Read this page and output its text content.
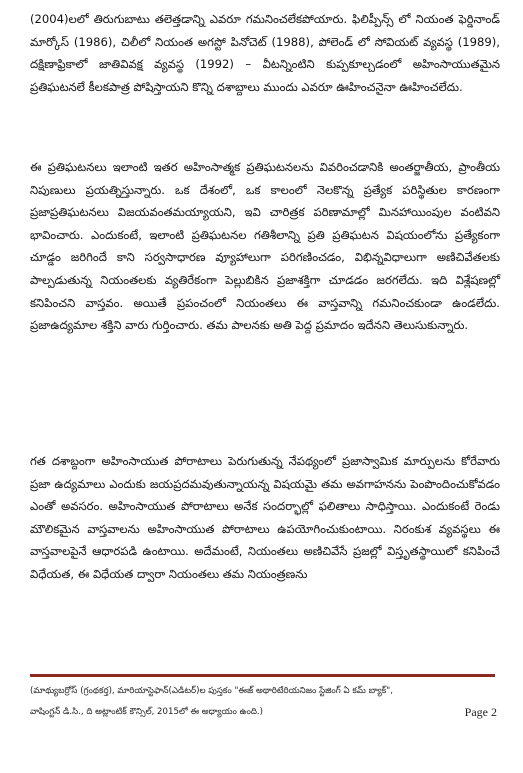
(2004)లలో తిరుగుబాటు తలెత్తడాన్ని ఎవరూ గమనించలేకపోయారు. ఫిలిప్పీన్స్ లో నియంత ఫెర్డినాండ్ మార్కోస్ (1986), చిలీలో నియంత అగస్టో పినోచెట్ (1988), పోలెండ్ లో సోవియట్ వ్యవస్థ (1989), దక్షిణాఫ్రికాలో జాతివివక్ష వ్యవస్థ (1992) – వీటన్నింటిని కుప్పకూల్చడంలో అహింసాయుతమైన ప్రతిఘటనలే కీలకపాత్ర పోషిస్తాయని కొన్ని దశాబ్దాలు ముందు ఎవరూ ఊహించనైనా ఊహించలేదు.

ఈ ప్రతిఘటనలు ఇలాంటి ఇతర అహింసాత్మక ప్రతిఘటనలను వివరించడానికి అంతర్జాతీయ, ప్రాంతీయ నిపుణులు ప్రయత్నిస్తున్నారు. ఒక దేశంలో, ఒక కాలంలో నెలకొన్న ప్రత్యేక పరిస్థితుల కారణంగా ప్రజాప్రతిఘటనలు విజయవంతమయ్యాయని, ఇవి చారిత్రక పరిణామాల్లో మినహాయింపుల వంటివని భావించారు. ఎందుకంటే, ఇలాంటి ప్రతిఘటనల గతిశీలాన్ని ప్రతి ప్రతిఘటన విషయంలోను ప్రత్యేకంగా చూడ్డం జరిగిందే కాని సర్వసాధారణ వ్యూహాలుగా పరిగణించడం, విభిన్నవిధాలుగా అణిచివేతలకు పాల్పడుతున్న నియంతలకు వ్యతిరేకంగా పెల్లుబికిన ప్రజాశక్తిగా చూడడం జరగలేదు. ఇది విశ్లేషణల్లో కనిపించని వాస్తవం. అయితే ప్రపంచంలో నియంతలు ఈ వాస్తవాన్ని గమనించకుండా ఉండలేదు. ప్రజాఉద్యమాల శక్తిని వారు గుర్తించారు. తమ పాలనకు అతి పెద్ద ప్రమాదం ఇదేనని తెలుసుకున్నారు.

గత దశాబ్దంగా అహింసాయుత పోరాటాలు పెరుగుతున్న నేపథ్యంలో ప్రజాస్వామిక మార్పులను కోరేవారు ప్రజా ఉద్యమాలు ఎందుకు జయప్రదమవుతున్నాయన్న విషయమై తమ అవగాహనను పెంపొందించుకోవడం ఎంతో అవసరం. అహింసాయుత పోరాటాలు అనేక సందర్భాల్లో ఫలితాలు సాధిస్తాయి. ఎందుకంటే రెండు మౌలికమైన వాస్తవాలను అహింసాయుత పోరాటాలు ఉపయోగించుకుంటాయి. నిరంకుశ వ్యవస్థలు ఈ వాస్తవాలపైనే ఆధారపడి ఉంటాయి. అదేమంటే, నియంతలు అణిచివేసే ప్రజల్లో విస్తృతస్థాయిలో కనిపించే విధేయత, ఈ విధేయత ద్వారా నియంతలు తమ నియంత్రణను

(మాథ్యుబర్రోస్ (గ్రంథకర్త), మారియాస్టెఫాన్(ఎడిటర్)ల పుస్తకం "ఈజ్ అథారిటేరియనిజం స్టేజింగ్ ఏ కమ్ బ్యాక్",

వాషింగ్టన్ డి.సి., ది అట్లాంటిక్ కౌన్సిల్, 2015లో ఈ అధ్యాయం ఉంది.)	Page 2
